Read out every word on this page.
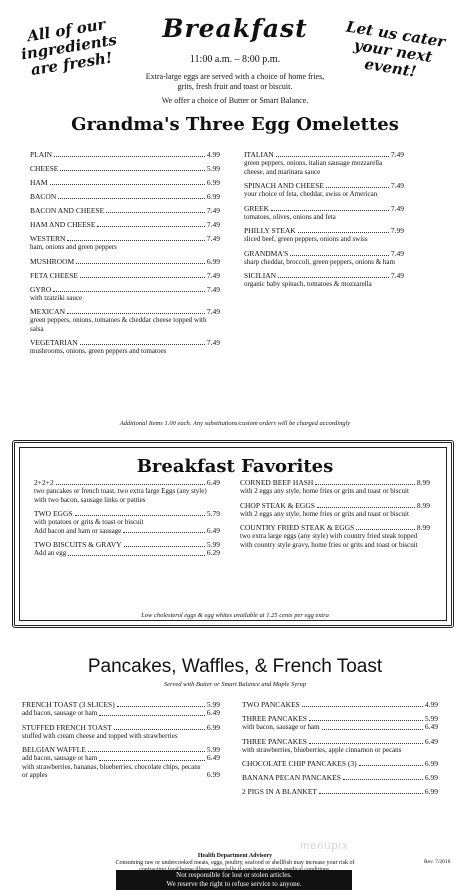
All of our ingredients are fresh!
Let us cater your next event!
Breakfast
11:00 a.m. – 8:00 p.m.
Extra-large eggs are served with a choice of home fries,
grits, fresh fruit and toast or biscuit.
We offer a choice of Butter or Smart Balance.
Grandma's Three Egg Omelettes
PLAIN	4.99
CHEESE	5.99
HAM	6.99
BACON	6.99
BACON AND CHEESE	7.49
HAM AND CHEESE	7.49
WESTERN	7.49
ham, onions and green peppers
MUSHROOM	6.99
FETA CHEESE	7.49
GYRO	7.49
with tzatziki sauce
MEXICAN	7.49
green peppers, onions, tomatoes & cheddar cheese topped with salsa
VEGETARIAN	7.49
mushrooms, onions, green peppers and tomatoes
ITALIAN	7.49
green peppers, onions, italian sausage mozzarella cheese, and marinara sauce
SPINACH AND CHEESE	7.49
your choice of feta, cheddar, swiss or American
GREEK	7.49
tomatoes, olives, onions and feta
PHILLY STEAK	7.99
sliced beef, green peppers, onions and swiss
GRANDMA'S	7.49
sharp cheddar, broccoli, green peppers, onions & ham
SICILIAN	7.49
organic baby spinach, tomatoes & mozzarella
Additional Items 1.00 each. Any substitutions/custom orders will be charged accordingly
Breakfast Favorites
2+2+2	6.49
two pancakes or french toast, two extra large Eggs (any style) with two bacon, sausage links or patties
TWO EGGS	5.79
with potatoes or grits & toast or biscuit
Add bacon and ham or sausage	6.49
TWO BISCUITS & GRAVY	5.99
Add an egg	6.29
CORNED BEEF HASH	8.99
with 2 eggs any style, home fries or grits and toast or biscuit
CHOP STEAK & EGGS	8.99
with 2 eggs any style, home fries or grits and toast or biscuit
COUNTRY FRIED STEAK & EGGS	8.99
two extra large eggs (any style) with country fried steak topped with country style gravy, home fries or grits and toast or biscuit
Low cholesterol eggs & egg whites available at 1.25 cents per egg extra
Pancakes, Waffles, & French Toast
Served with Butter or Smart Balance and Maple Syrup
FRENCH TOAST (3 SLICES)	5.99
add bacon, sausage or ham	6.49
STUFFED FRENCH TOAST	6.99
stuffed with cream cheese and topped with strawberries
BELGIAN WAFFLE	5.99
add bacon, sausage or ham	6.49
with strawberries, bananas, blueberries, chocolate chips, pecans or apples	6.99
TWO PANCAKES	4.99
THREE PANCAKES	5.99
with bacon, sausage or ham	6.49
THREE PANCAKES	6.49
with strawberries, blueberries, apple cinnamon or pecans
CHOCOLATE CHIP PANCAKES (3)	6.99
BANANA PECAN PANCAKES	6.99
2 PIGS IN A BLANKET	6.99
Health Department Advisory
Consuming raw or undercooked meats, eggs, poultry, seafood or shellfish may increase your risk of	Rev. 7/2018
Not responsible for lost or stolen articles.
We reserve the right to refuse service to anyone.
menupix
